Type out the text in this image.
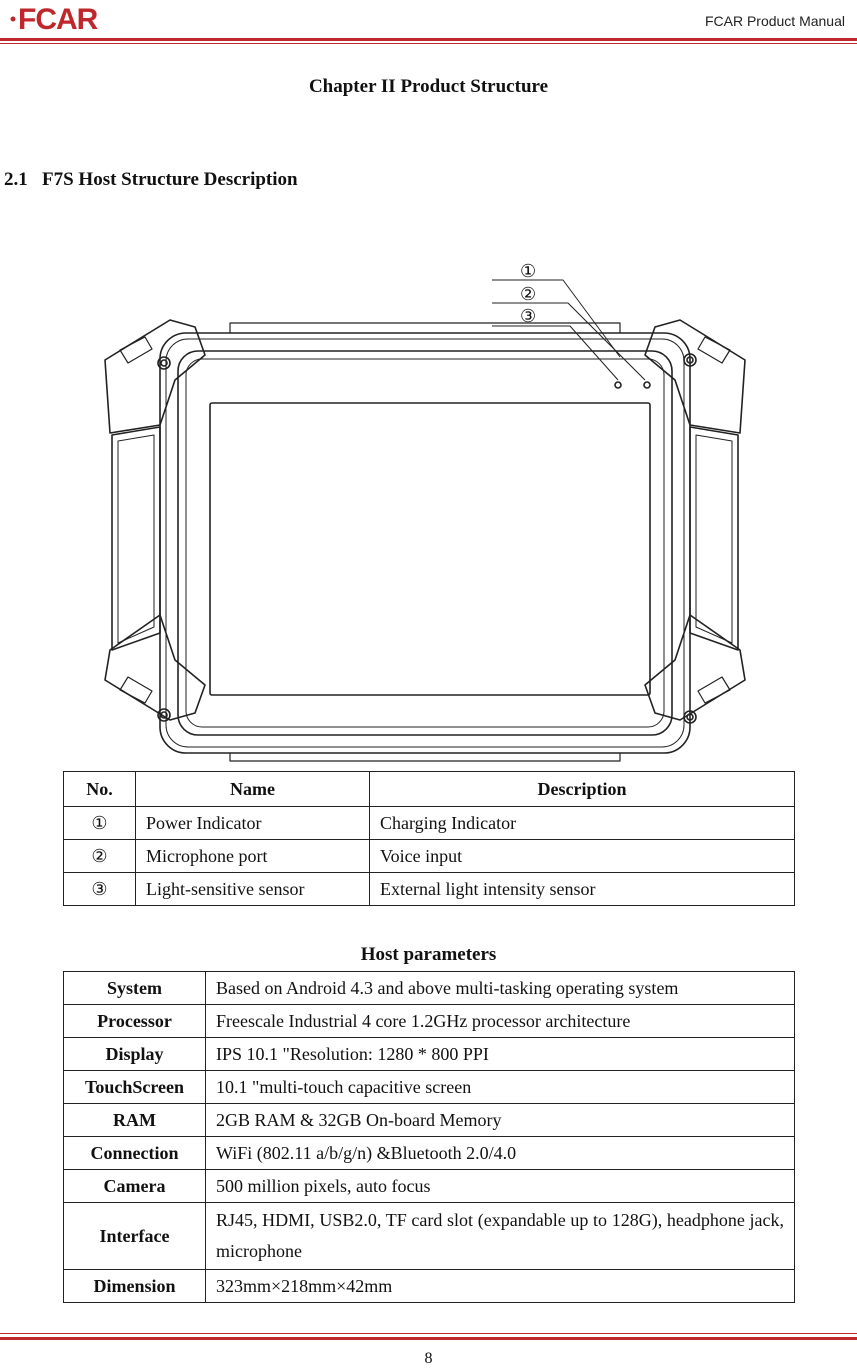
FCAR	FCAR Product Manual
Chapter II Product Structure
2.1   F7S Host Structure Description
①
②
③
No.	Name	Description
①	Power Indicator	Charging Indicator
②	Microphone port	Voice input
③	Light-sensitive sensor	External light intensity sensor
Host parameters
System	Based on Android 4.3 and above multi-tasking operating system
Processor	Freescale Industrial 4 core 1.2GHz processor architecture
Display	IPS 10.1 "Resolution: 1280 * 800 PPI
TouchScreen	10.1 "multi-touch capacitive screen
RAM	2GB RAM & 32GB On-board Memory
Connection	WiFi (802.11 a/b/g/n) &Bluetooth 2.0/4.0
Camera	500 million pixels, auto focus
Interface	RJ45, HDMI, USB2.0, TF card slot (expandable up to 128G), headphone jack, microphone
Dimension	323mm×218mm×42mm
8
